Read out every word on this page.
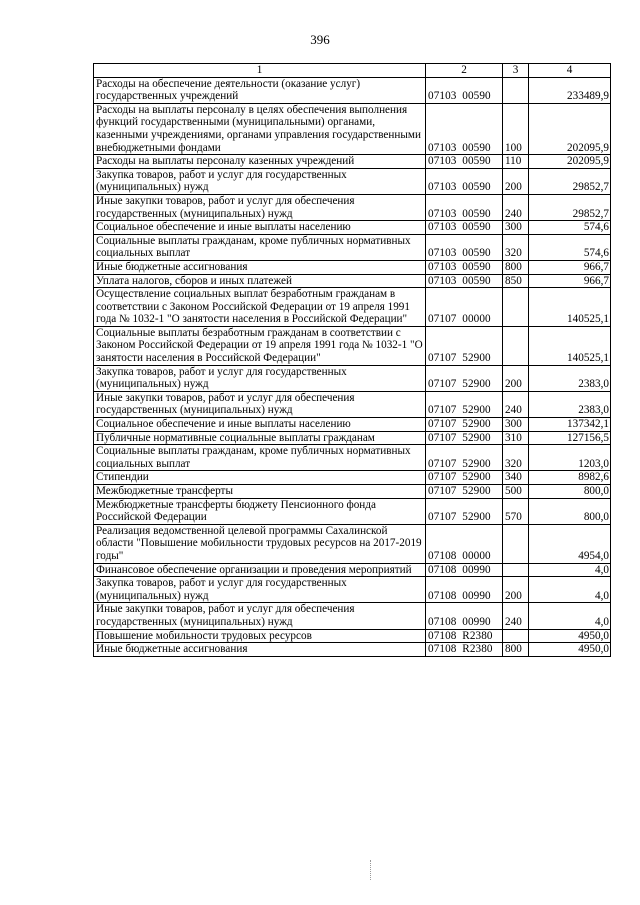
396
1	2	3	4
Расходы на обеспечение деятельности (оказание услуг) государственных учреждений	07103  00590		233489,9
Расходы на выплаты персоналу в целях обеспечения выполнения функций государственными (муниципальными) органами, казенными учреждениями, органами управления государственными внебюджетными фондами	07103  00590	100	202095,9
Расходы на выплаты персоналу казенных учреждений	07103  00590	110	202095,9
Закупка товаров, работ и услуг для государственных (муниципальных) нужд	07103  00590	200	29852,7
Иные закупки товаров, работ и услуг для обеспечения государственных (муниципальных) нужд	07103  00590	240	29852,7
Социальное обеспечение и иные выплаты населению	07103  00590	300	574,6
Социальные выплаты гражданам, кроме публичных нормативных социальных выплат	07103  00590	320	574,6
Иные бюджетные ассигнования	07103  00590	800	966,7
Уплата налогов, сборов и иных платежей	07103  00590	850	966,7
Осуществление социальных выплат безработным гражданам в соответствии с Законом Российской Федерации от 19 апреля 1991 года № 1032-1 "О занятости населения в Российской Федерации"	07107  00000		140525,1
Социальные выплаты безработным гражданам в соответствии с Законом Российской Федерации от 19 апреля 1991 года № 1032-1 "О занятости населения в Российской Федерации"	07107  52900		140525,1
Закупка товаров, работ и услуг для государственных (муниципальных) нужд	07107  52900	200	2383,0
Иные закупки товаров, работ и услуг для обеспечения государственных (муниципальных) нужд	07107  52900	240	2383,0
Социальное обеспечение и иные выплаты населению	07107  52900	300	137342,1
Публичные нормативные социальные выплаты гражданам	07107  52900	310	127156,5
Социальные выплаты гражданам, кроме публичных нормативных социальных выплат	07107  52900	320	1203,0
Стипендии	07107  52900	340	8982,6
Межбюджетные трансферты	07107  52900	500	800,0
Межбюджетные трансферты бюджету Пенсионного фонда Российской Федерации	07107  52900	570	800,0
Реализация ведомственной целевой программы Сахалинской области "Повышение мобильности трудовых ресурсов на 2017-2019 годы"	07108  00000		4954,0
Финансовое обеспечение организации и проведения мероприятий	07108  00990		4,0
Закупка товаров, работ и услуг для государственных (муниципальных) нужд	07108  00990	200	4,0
Иные закупки товаров, работ и услуг для обеспечения государственных (муниципальных) нужд	07108  00990	240	4,0
Повышение мобильности трудовых ресурсов	07108  R2380		4950,0
Иные бюджетные ассигнования	07108  R2380	800	4950,0
